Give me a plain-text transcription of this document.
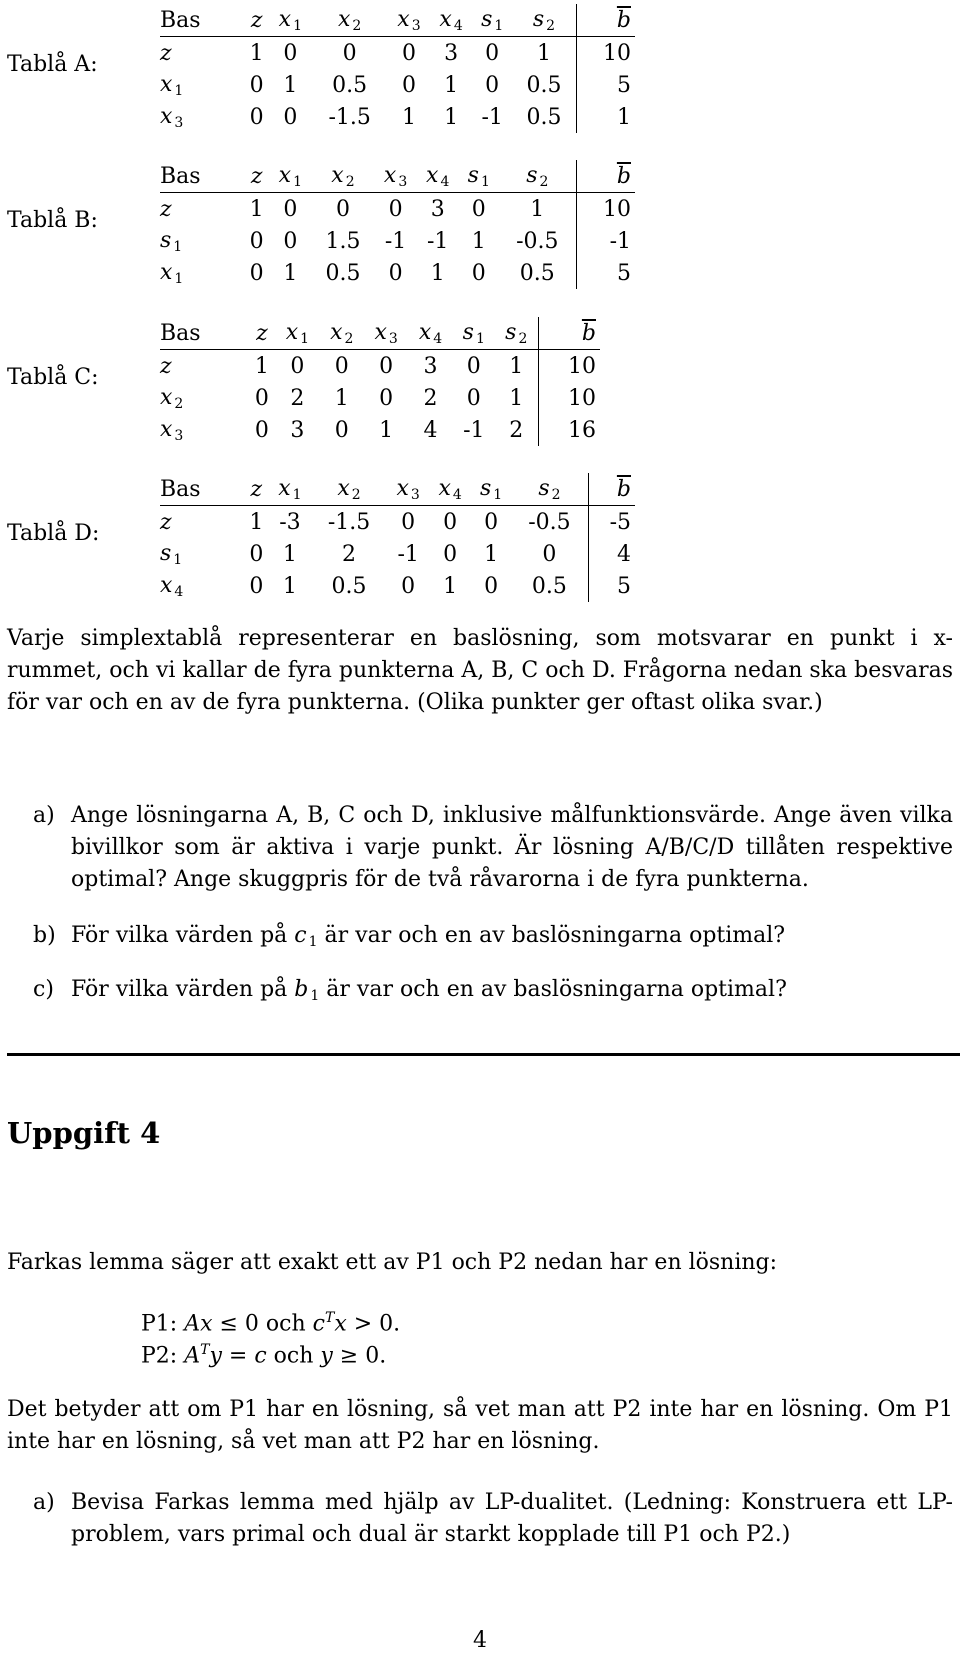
Tablå A:
Bas	z	x $_1$	x $_2$	x $_3$	x $_4$	s $_1$	s $_2$	$\overline{b}$
z	1	0	0	0	3	0	1	10
x $_1$	0	1	0.5	0	1	0	0.5	5
x $_3$	0	0	-1.5	1	1	-1	0.5	1
Tablå B:
Bas	z	x $_1$	x $_2$	x $_3$	x $_4$	s $_1$	s $_2$	$\overline{b}$
z	1	0	0	0	3	0	1	10
s $_1$	0	0	1.5	-1	-1	1	-0.5	-1
x $_1$	0	1	0.5	0	1	0	0.5	5
Tablå C:
Bas	z	x $_1$	x $_2$	x $_3$	x $_4$	s $_1$	s $_2$	$\overline{b}$
z	1	0	0	0	3	0	1	10
x $_2$	0	2	1	0	2	0	1	10
x $_3$	0	3	0	1	4	-1	2	16
Tablå D:
Bas	z	x $_1$	x $_2$	x $_3$	x $_4$	s $_1$	s $_2$	$\overline{b}$
z	1	-3	-1.5	0	0	0	-0.5	-5
s $_1$	0	1	2	-1	0	1	0	4
x $_4$	0	1	0.5	0	1	0	0.5	5
Varje simplextablå representerar en baslösning, som motsvarar en punkt i x-rummet, och vi kallar de fyra punkterna A, B, C och D. Frågorna nedan ska besvaras för var och en av de fyra punkterna. (Olika punkter ger oftast olika svar.)
a) Ange lösningarna A, B, C och D, inklusive målfunktionsvärde. Ange även vilka bivillkor som är aktiva i varje punkt. Är lösning A/B/C/D tillåten respektive optimal? Ange skuggpris för de två råvarorna i de fyra punkterna.
b) För vilka värden på c $_1$ är var och en av baslösningarna optimal?
c) För vilka värden på b $_1$ är var och en av baslösningarna optimal?
Uppgift 4
Farkas lemma säger att exakt ett av P1 och P2 nedan har en lösning:
P1: Ax ≤ 0 och $c^Tx > 0$.
P2: $A^Ty = c$ och y ≥ 0.
Det betyder att om P1 har en lösning, så vet man att P2 inte har en lösning. Om P1 inte har en lösning, så vet man att P2 har en lösning.
a) Bevisa Farkas lemma med hjälp av LP-dualitet. (Ledning: Konstruera ett LP-problem, vars primal och dual är starkt kopplade till P1 och P2.)
4
